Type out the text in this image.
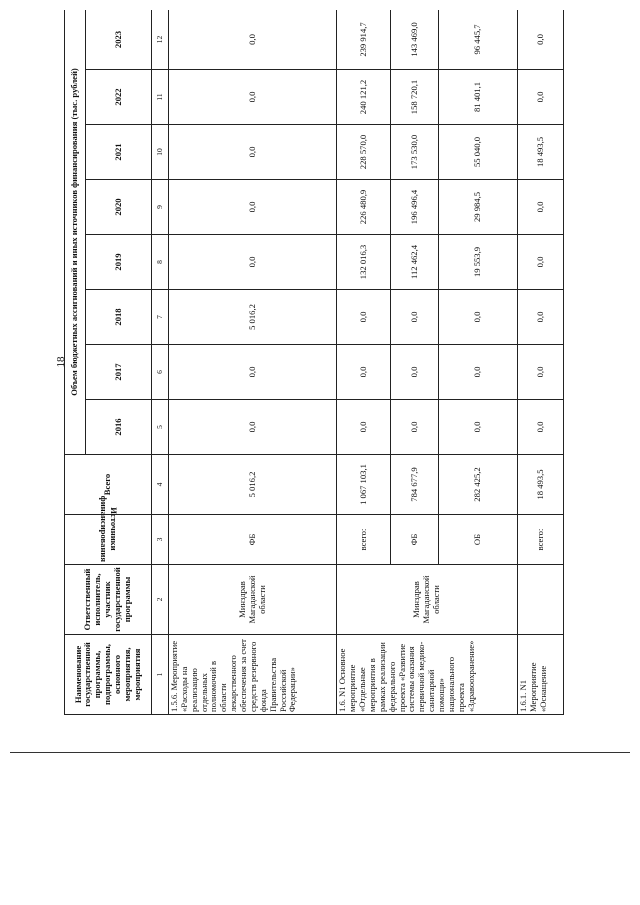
18
Наименование государственной программы, подпрограммы, основного мероприятия, мероприятия	Ответственный исполнитель, участник государственной программы	Источники финансирования	Всего	Объем бюджетных ассигнований и иных источников финансирования (тыс. рублей)							
				2016	2017	2018	2019	2020	2021	2022	2023
1	2	3	4	5	6	7	8	9	10	11	12
1.5.6. Мероприятие «Расходы на реализацию отдельных полномочий в области лекарственного обеспечения за счет средств резервного фонда Правительства Российской Федерации»	Минздрав Магаданской области	ФБ	5 016,2	0,0	0,0	5 016,2	0,0	0,0	0,0	0,0	0,0
1.6. N1 Основное мероприятие «Отдельные мероприятия в рамках реализации федерального проекта «Развитие системы оказания первичной медико-санитарной помощи» национального проекта «Здравоохранение»	Минздрав Магаданской области	всего:	1 067 103,1	0,0	0,0	0,0	132 016,3	226 480,9	228 570,0	240 121,2	239 914,7
		ФБ	784 677,9	0,0	0,0	0,0	112 462,4	196 496,4	173 530,0	158 720,1	143 469,0
		ОБ	282 425,2	0,0	0,0	0,0	19 553,9	29 984,5	55 040,0	81 401,1	96 445,7
1.6.1. N1 Мероприятие «Оснащение		всего:	18 493,5	0,0	0,0	0,0	0,0	0,0	18 493,5	0,0	0,0
